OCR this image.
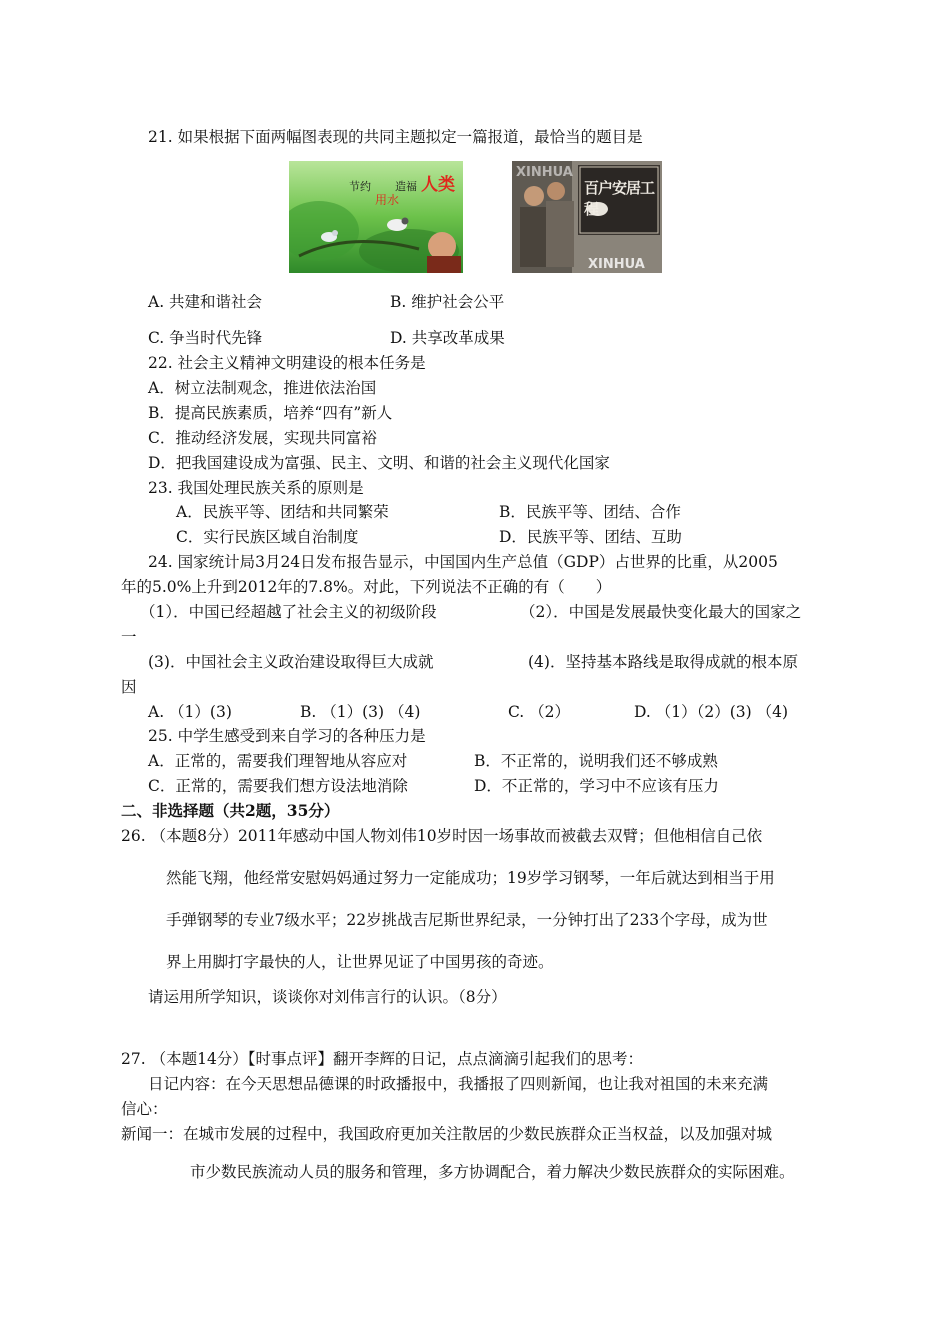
21. 如果根据下面两幅图表现的共同主题拟定一篇报道，最恰当的题目是
节约 造福 人类
用水
XINHUA
百户安居工程
XINHUA
A. 共建和谐社会	B. 维护社会公平
C. 争当时代先锋	D. 共享改革成果
22. 社会主义精神文明建设的根本任务是
A．树立法制观念，推进依法治国
B．提高民族素质，培养“四有”新人
C．推动经济发展，实现共同富裕
D．把我国建设成为富强、民主、文明、和谐的社会主义现代化国家
23. 我国处理民族关系的原则是
A．民族平等、团结和共同繁荣	B．民族平等、团结、合作
C．实行民族区域自治制度	D．民族平等、团结、互助
24. 国家统计局3月24日发布报告显示，中国国内生产总值（GDP）占世界的比重，从2005
年的5.0%上升到2012年的7.8%。对此，下列说法不正确的有（　　）
（1）．中国已经超越了社会主义的初级阶段	（2）．中国是发展最快变化最大的国家之
一
(3)．中国社会主义政治建设取得巨大成就	(4)．坚持基本路线是取得成就的根本原
因
A. （1）(3)	B. （1）(3) （4)	C. （2）	D. （1）（2）(3) （4)
25. 中学生感受到来自学习的各种压力是
A．正常的，需要我们理智地从容应对	B．不正常的，说明我们还不够成熟
C．正常的，需要我们想方设法地消除	D．不正常的，学习中不应该有压力
二、非选择题（共2题，35分）
26. （本题8分）2011年感动中国人物刘伟10岁时因一场事故而被截去双臂；但他相信自己依
然能飞翔，他经常安慰妈妈通过努力一定能成功；19岁学习钢琴，一年后就达到相当于用
手弹钢琴的专业7级水平；22岁挑战吉尼斯世界纪录，一分钟打出了233个字母，成为世
界上用脚打字最快的人，让世界见证了中国男孩的奇迹。
请运用所学知识，谈谈你对刘伟言行的认识。（8分）
27. （本题14分）【时事点评】翻开李辉的日记，点点滴滴引起我们的思考：
日记内容：在今天思想品德课的时政播报中，我播报了四则新闻，也让我对祖国的未来充满
信心：
新闻一：在城市发展的过程中，我国政府更加关注散居的少数民族群众正当权益，以及加强对城
市少数民族流动人员的服务和管理，多方协调配合，着力解决少数民族群众的实际困难。
